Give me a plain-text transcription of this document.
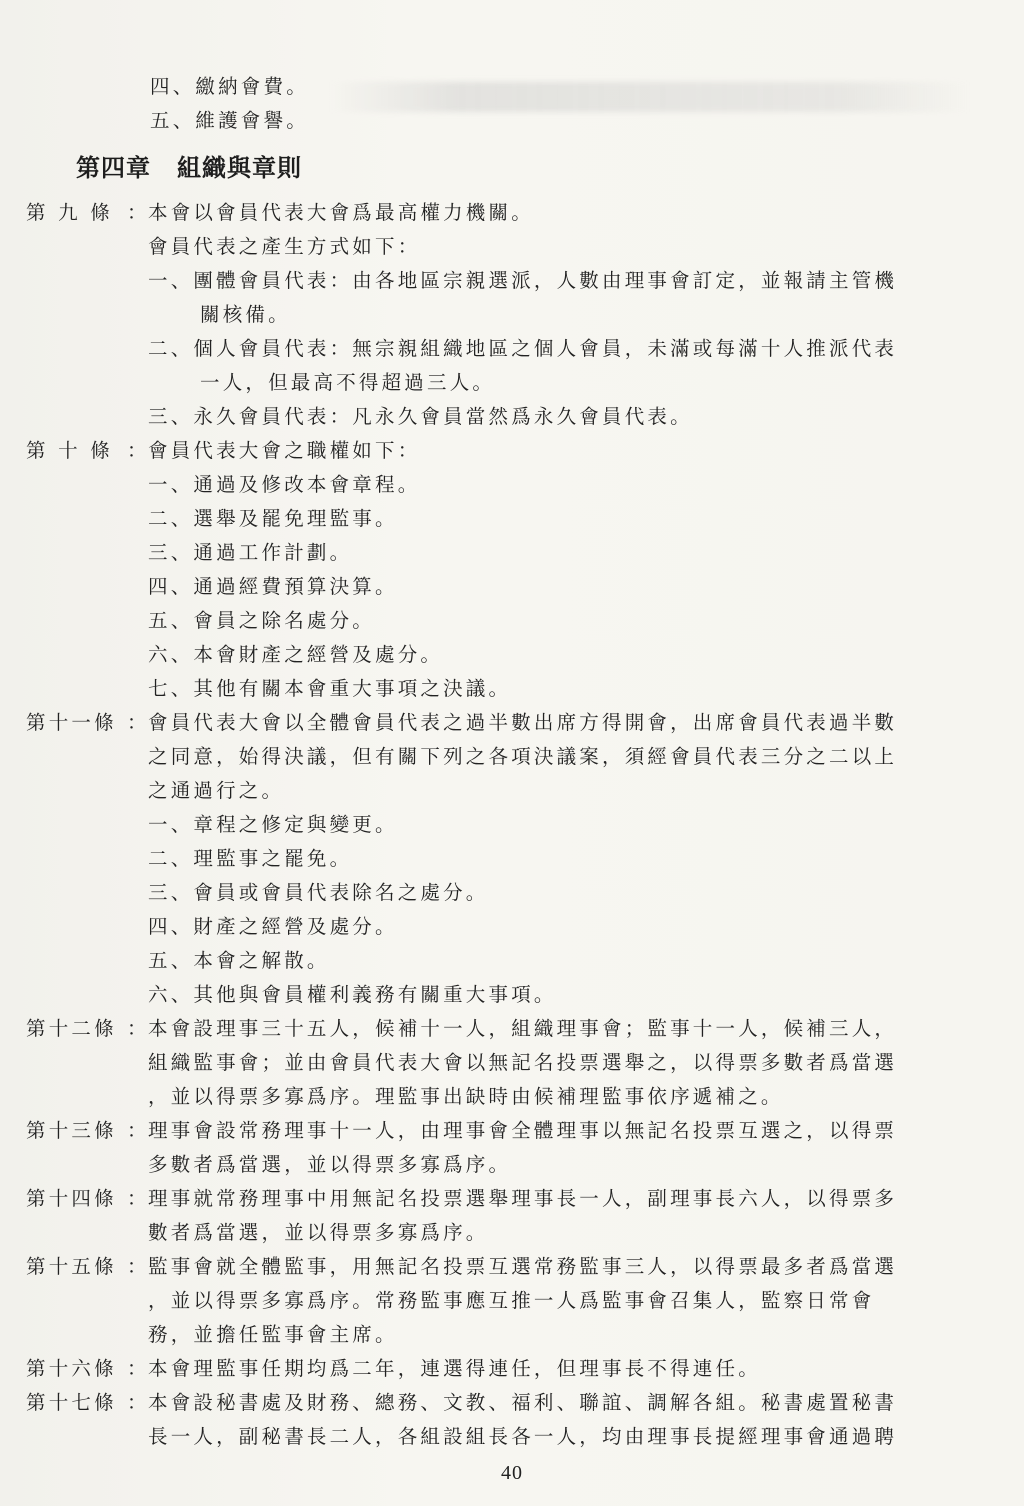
四、繳納會費。
五、維護會譽。
第四章 組織與章則
第 九 條 ： 本會以會員代表大會爲最高權力機關。
會員代表之產生方式如下：
一、團體會員代表：由各地區宗親選派，人數由理事會訂定，並報請主管機
關核備。
二、個人會員代表：無宗親組織地區之個人會員，未滿或每滿十人推派代表
一人，但最高不得超過三人。
三、永久會員代表：凡永久會員當然爲永久會員代表。
第 十 條 ： 會員代表大會之職權如下：
一、通過及修改本會章程。
二、選舉及罷免理監事。
三、通過工作計劃。
四、通過經費預算決算。
五、會員之除名處分。
六、本會財產之經營及處分。
七、其他有關本會重大事項之決議。
第十一條 ： 會員代表大會以全體會員代表之過半數出席方得開會，出席會員代表過半數
之同意，始得決議，但有關下列之各項決議案，須經會員代表三分之二以上
之通過行之。
一、章程之修定與變更。
二、理監事之罷免。
三、會員或會員代表除名之處分。
四、財產之經營及處分。
五、本會之解散。
六、其他與會員權利義務有關重大事項。
第十二條 ： 本會設理事三十五人，候補十一人，組織理事會；監事十一人，候補三人，
組織監事會；並由會員代表大會以無記名投票選舉之，以得票多數者爲當選
，並以得票多寡爲序。理監事出缺時由候補理監事依序遞補之。
第十三條 ： 理事會設常務理事十一人，由理事會全體理事以無記名投票互選之，以得票
多數者爲當選，並以得票多寡爲序。
第十四條 ： 理事就常務理事中用無記名投票選舉理事長一人，副理事長六人，以得票多
數者爲當選，並以得票多寡爲序。
第十五條 ： 監事會就全體監事，用無記名投票互選常務監事三人，以得票最多者爲當選
，並以得票多寡爲序。常務監事應互推一人爲監事會召集人，監察日常會
務，並擔任監事會主席。
第十六條 ： 本會理監事任期均爲二年，連選得連任，但理事長不得連任。
第十七條 ： 本會設秘書處及財務、總務、文教、福利、聯誼、調解各組。秘書處置秘書
長一人，副秘書長二人，各組設組長各一人，均由理事長提經理事會通過聘
40
